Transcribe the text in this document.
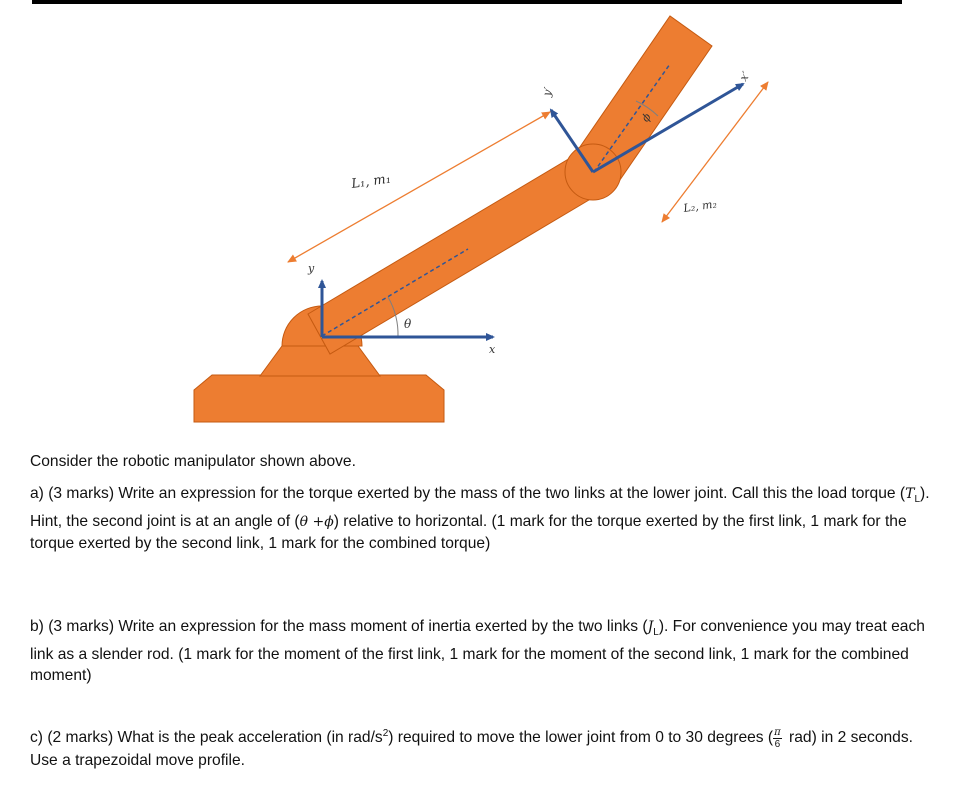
L₁, m₁
L₂, m₂
θ
ϕ
x
y
x′
y′

Consider the robotic manipulator shown above.

a) (3 marks) Write an expression for the torque exerted by the mass of the two links at the lower joint. Call this the load torque $(T_L)$. Hint, the second joint is at an angle of (θ +ϕ) relative to horizontal. (1 mark for the torque exerted by the first link, 1 mark for the torque exerted by the second link, 1 mark for the combined torque)

b) (3 marks) Write an expression for the mass moment of inertia exerted by the two links $(J_L)$. For convenience you may treat each link as a slender rod. (1 mark for the moment of the first link, 1 mark for the moment of the second link, 1 mark for the combined moment)

c) (2 marks) What is the peak acceleration (in rad/$s^2$) required to move the lower joint from 0 to 30 degrees ( $\frac{\pi}{6} rad$) in 2 seconds. Use a trapezoidal move profile.
